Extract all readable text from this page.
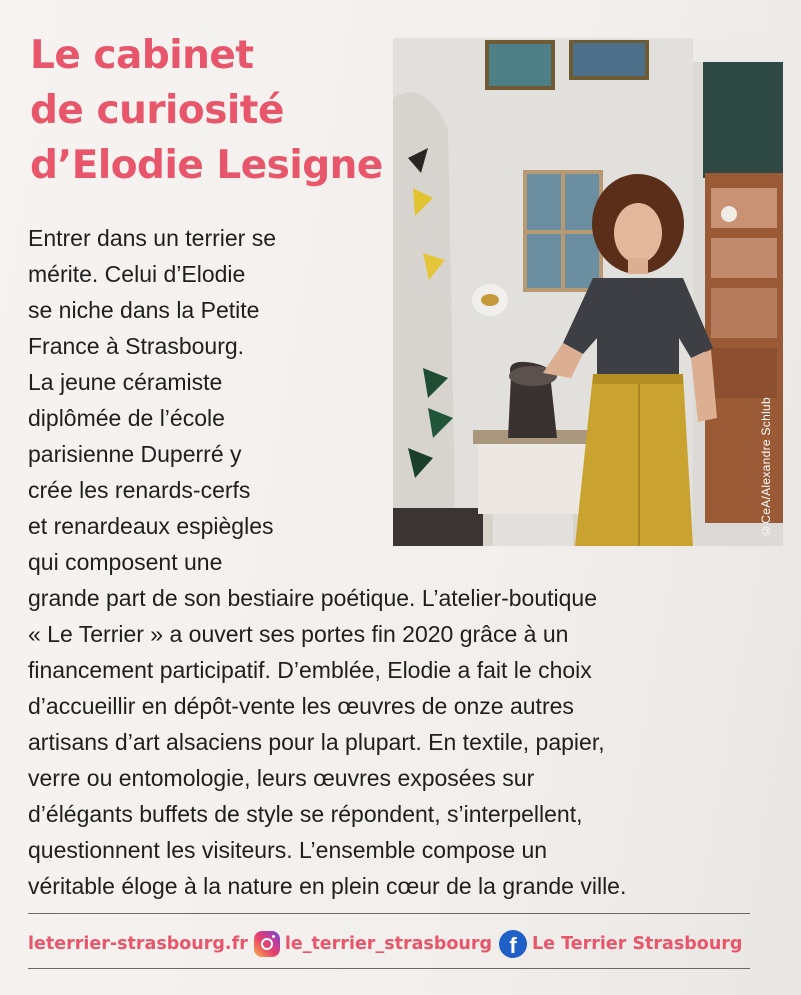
Le cabinet
de curiosité
d’Elodie Lesigne
©CeA/Alexandre Schlub

Entrer dans un terrier se
mérite. Celui d’Elodie
se niche dans la Petite
France à Strasbourg.
La jeune céramiste
diplômée de l’école
parisienne Duperré y
crée les renards-cerfs
et renardeaux espiègles
qui composent une
grande part de son bestiaire poétique. L’atelier-boutique
« Le Terrier » a ouvert ses portes fin 2020 grâce à un
financement participatif. D’emblée, Elodie a fait le choix
d’accueillir en dépôt-vente les œuvres de onze autres
artisans d’art alsaciens pour la plupart. En textile, papier,
verre ou entomologie, leurs œuvres exposées sur
d’élégants buffets de style se répondent, s’interpellent,
questionnent les visiteurs. L’ensemble compose un
véritable éloge à la nature en plein cœur de la grande ville.

leterrier-strasbourg.fr le_terrier_strasbourg f Le Terrier Strasbourg
